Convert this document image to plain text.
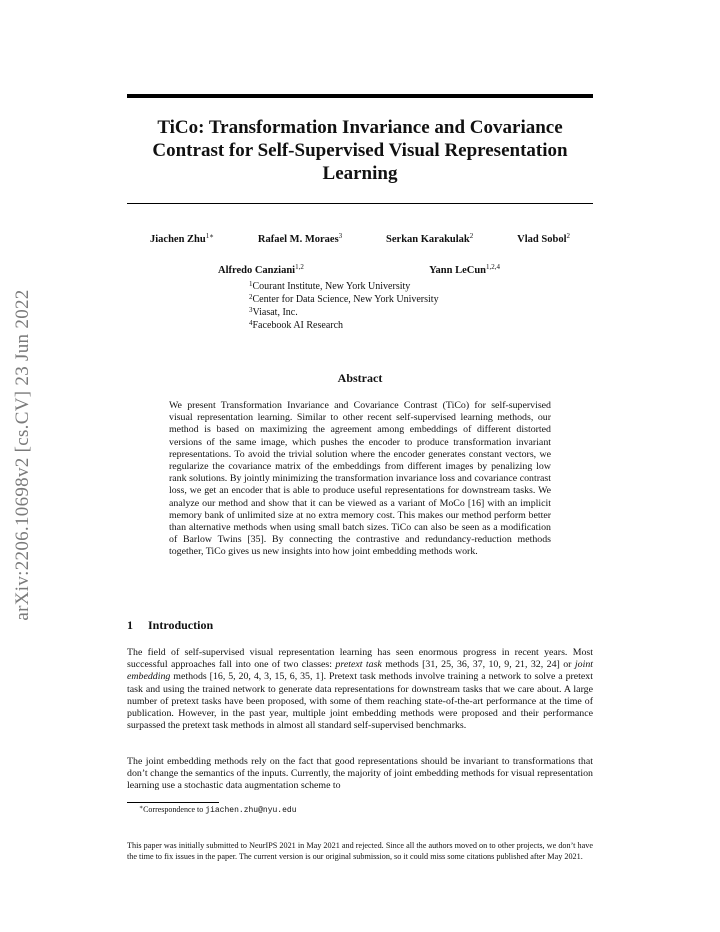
arXiv:2206.10698v2 [cs.CV] 23 Jun 2022
TiCo: Transformation Invariance and Covariance Contrast for Self-Supervised Visual Representation Learning
Jiachen Zhu$^{1∗}$	Rafael M. Moraes$^3$	Serkan Karakulak$^2$	Vlad Sobol$^2$
Alfredo Canziani$^{1,2}$	Yann LeCun$^{1,2,4}$
$^1$Courant Institute, New York University
$^2$Center for Data Science, New York University
$^3$Viasat, Inc.
$^4$Facebook AI Research
Abstract
We present Transformation Invariance and Covariance Contrast (TiCo) for self-supervised visual representation learning. Similar to other recent self-supervised learning methods, our method is based on maximizing the agreement among embeddings of different distorted versions of the same image, which pushes the encoder to produce transformation invariant representations. To avoid the trivial solution where the encoder generates constant vectors, we regularize the covariance matrix of the embeddings from different images by penalizing low rank solutions. By jointly minimizing the transformation invariance loss and covariance contrast loss, we get an encoder that is able to produce useful representations for downstream tasks. We analyze our method and show that it can be viewed as a variant of MoCo [16] with an implicit memory bank of unlimited size at no extra memory cost. This makes our method perform better than alternative methods when using small batch sizes. TiCo can also be seen as a modification of Barlow Twins [35]. By connecting the contrastive and redundancy-reduction methods together, TiCo gives us new insights into how joint embedding methods work.
1 Introduction
The field of self-supervised visual representation learning has seen enormous progress in recent years. Most successful approaches fall into one of two classes: pretext task methods [31, 25, 36, 37, 10, 9, 21, 32, 24] or joint embedding methods [16, 5, 20, 4, 3, 15, 6, 35, 1]. Pretext task methods involve training a network to solve a pretext task and using the trained network to generate data representations for downstream tasks that we care about. A large number of pretext tasks have been proposed, with some of them reaching state-of-the-art performance at the time of publication. However, in the past year, multiple joint embedding methods were proposed and their performance surpassed the pretext task methods in almost all standard self-supervised benchmarks.
The joint embedding methods rely on the fact that good representations should be invariant to transformations that don’t change the semantics of the inputs. Currently, the majority of joint embedding methods for visual representation learning use a stochastic data augmentation scheme to
∗Correspondence to jiachen.zhu@nyu.edu
This paper was initially submitted to NeurIPS 2021 in May 2021 and rejected. Since all the authors moved on to other projects, we don’t have the time to fix issues in the paper. The current version is our original submission, so it could miss some citations published after May 2021.
